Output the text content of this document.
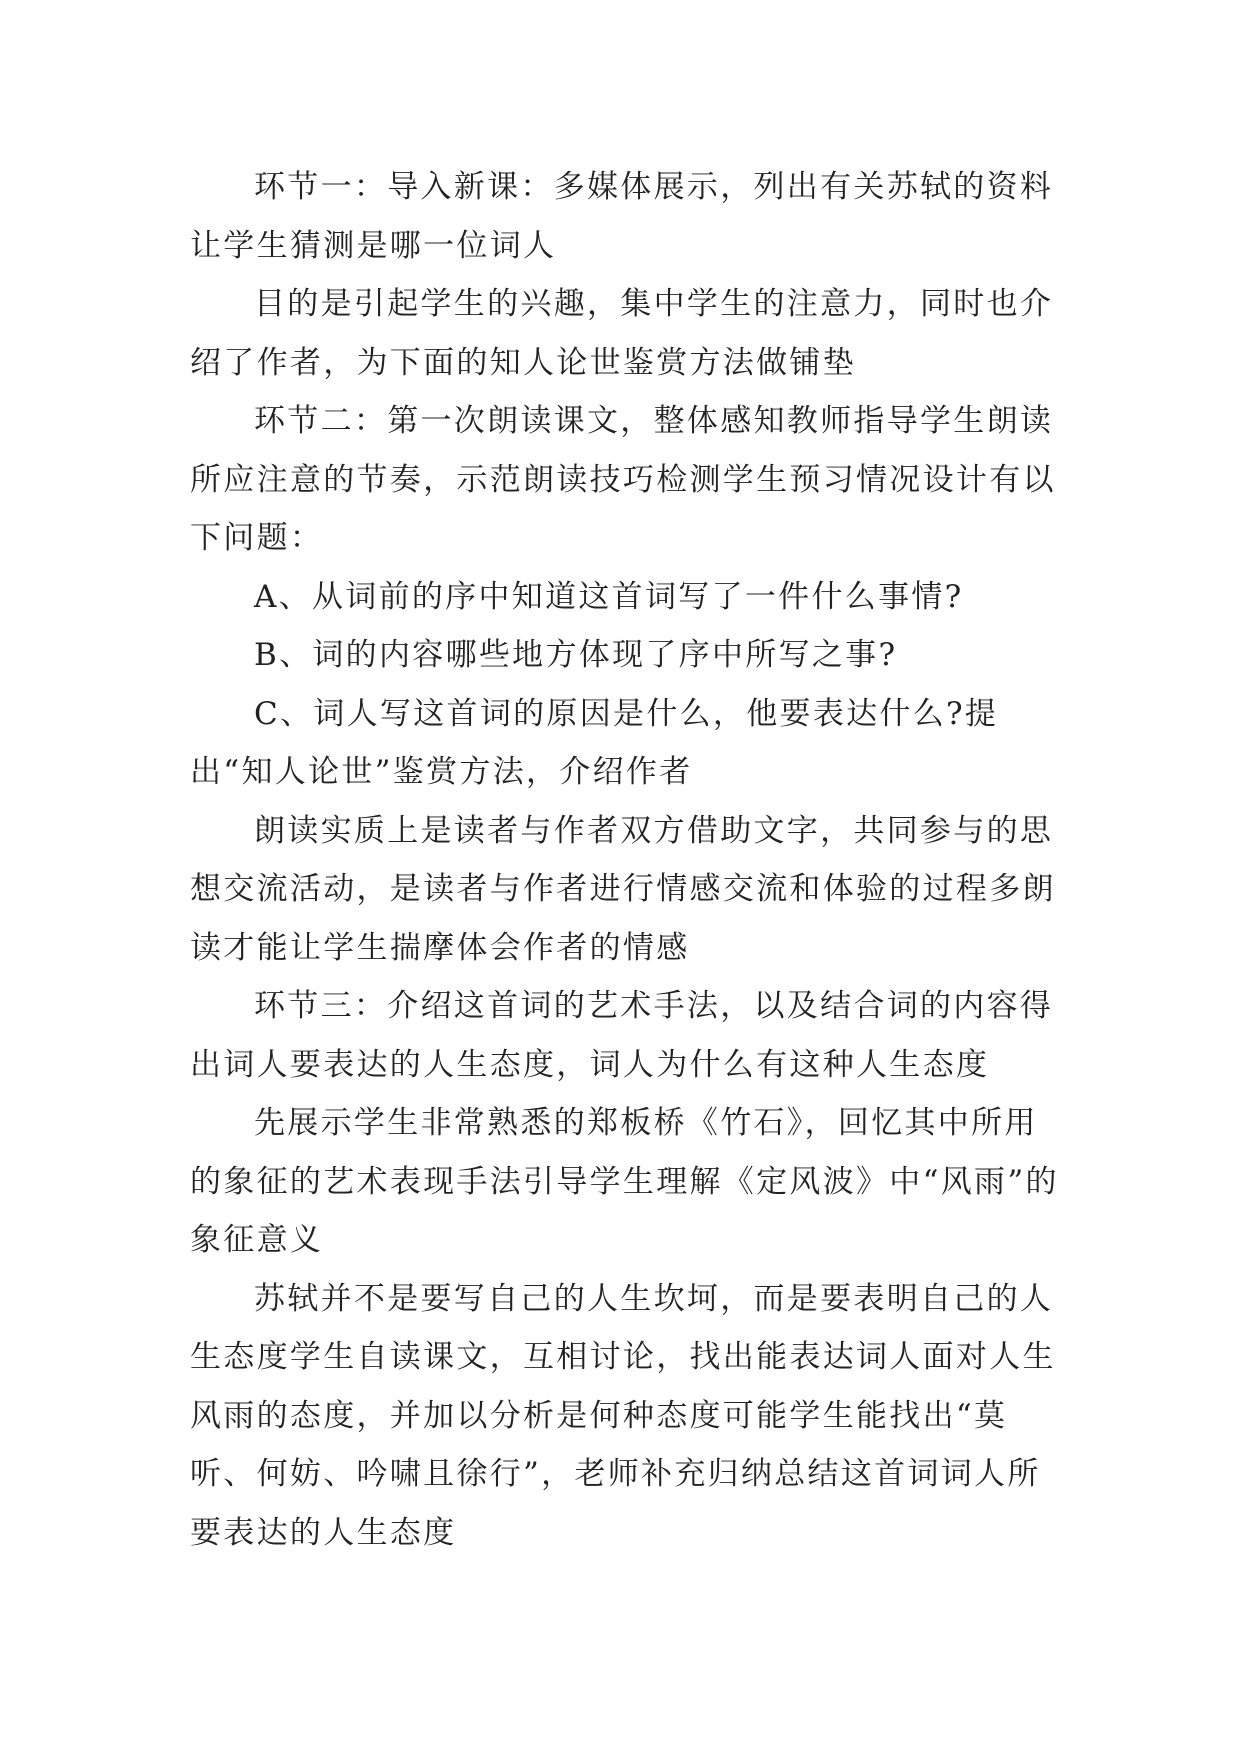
环节一：导入新课：多媒体展示，列出有关苏轼的资料让学生猜测是哪一位词人

目的是引起学生的兴趣，集中学生的注意力，同时也介绍了作者，为下面的知人论世鉴赏方法做铺垫

环节二：第一次朗读课文，整体感知教师指导学生朗读所应注意的节奏，示范朗读技巧检测学生预习情况设计有以下问题：

A、从词前的序中知道这首词写了一件什么事情?

B、词的内容哪些地方体现了序中所写之事?

C、词人写这首词的原因是什么，他要表达什么?提出“知人论世”鉴赏方法，介绍作者

朗读实质上是读者与作者双方借助文字，共同参与的思想交流活动，是读者与作者进行情感交流和体验的过程多朗读才能让学生揣摩体会作者的情感

环节三：介绍这首词的艺术手法，以及结合词的内容得出词人要表达的人生态度，词人为什么有这种人生态度

先展示学生非常熟悉的郑板桥《竹石》，回忆其中所用的象征的艺术表现手法引导学生理解《定风波》中“风雨”的象征意义

苏轼并不是要写自己的人生坎坷，而是要表明自己的人生态度学生自读课文，互相讨论，找出能表达词人面对人生风雨的态度，并加以分析是何种态度可能学生能找出“莫听、何妨、吟啸且徐行”，老师补充归纳总结这首词词人所要表达的人生态度
